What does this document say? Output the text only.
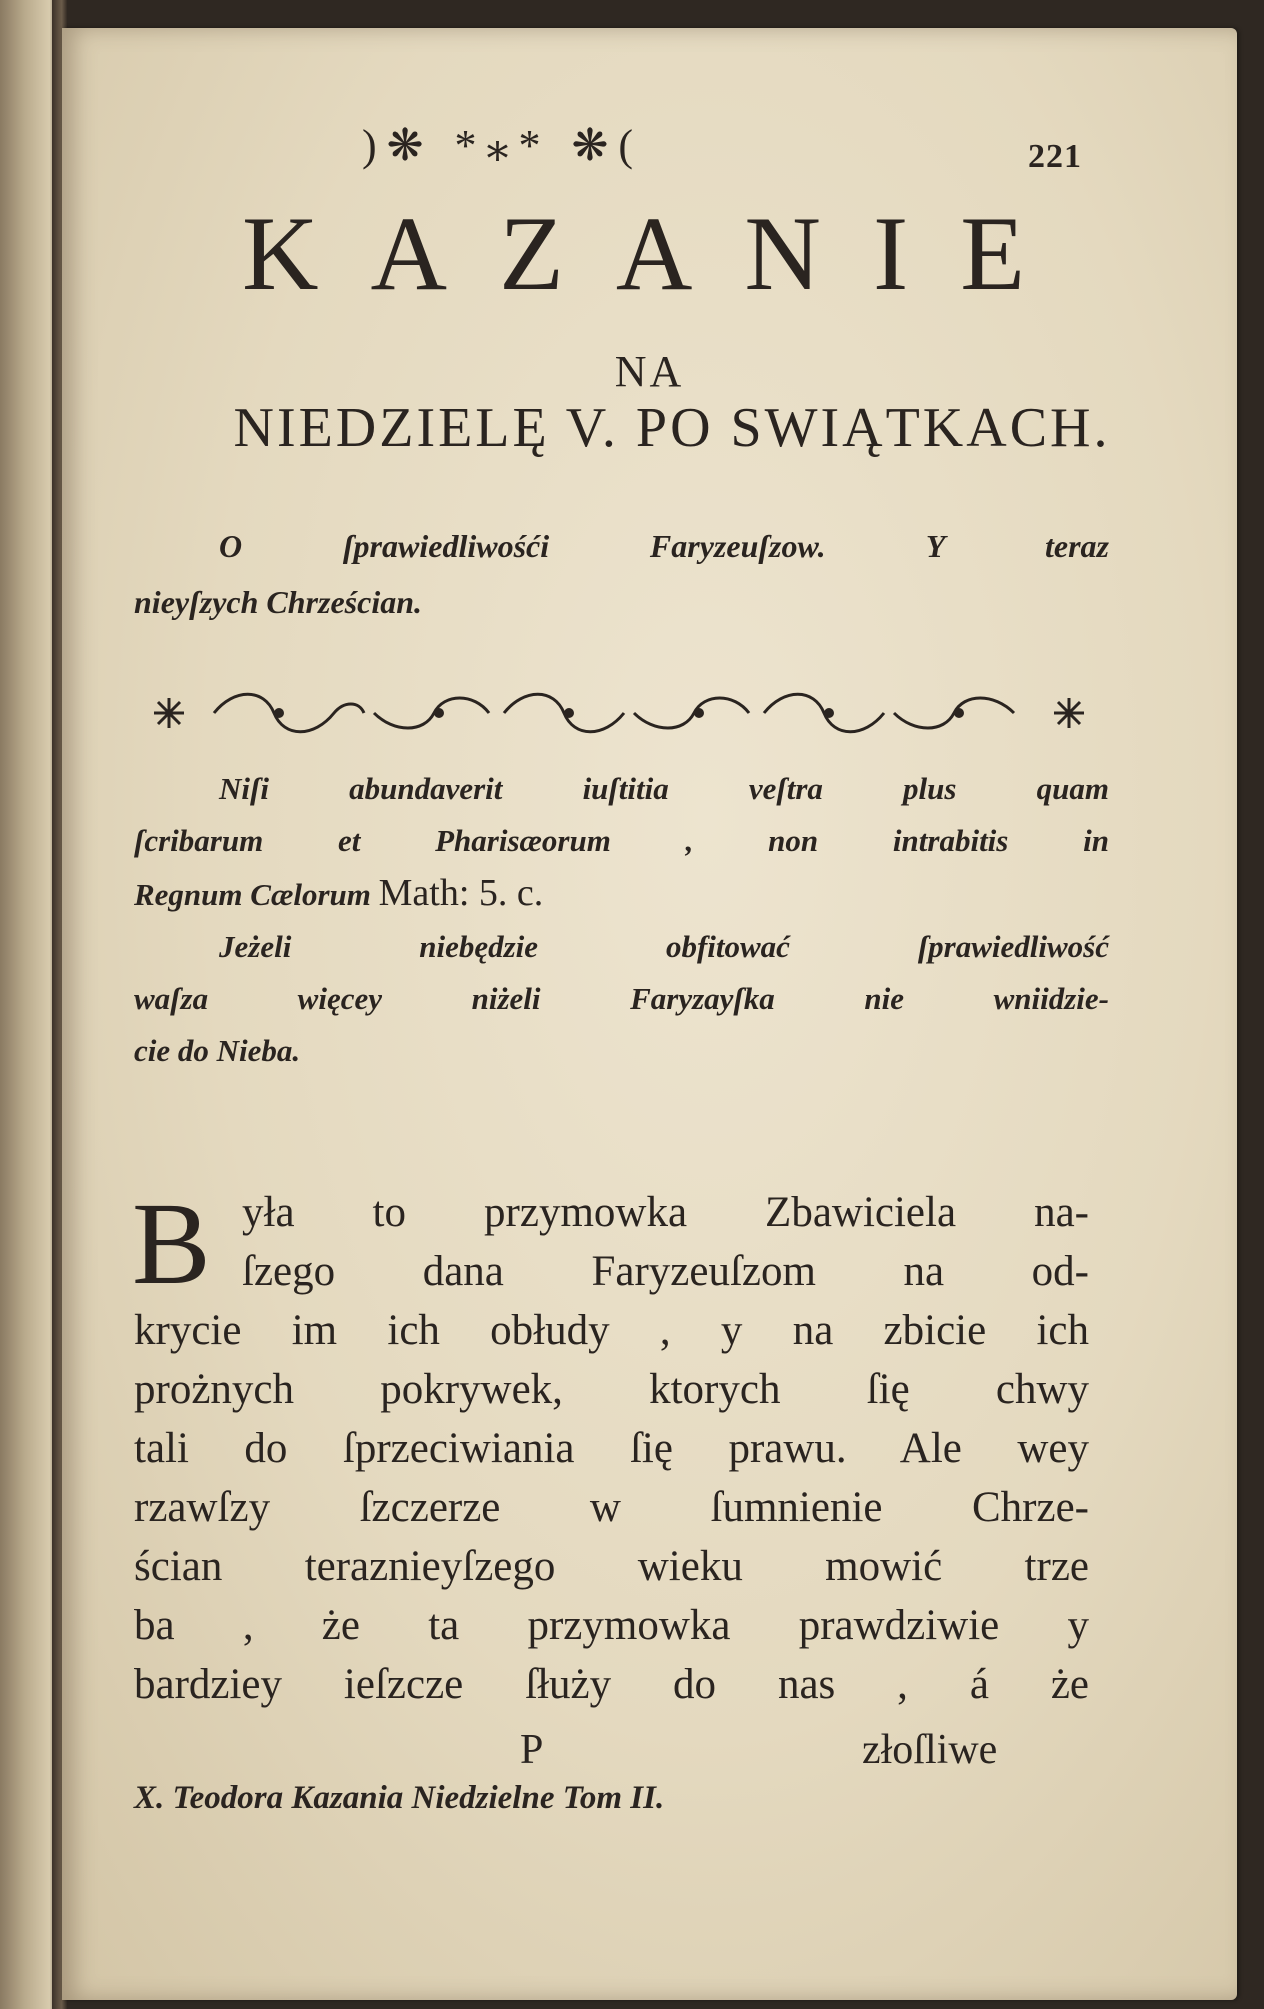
)❋ *⁎* ❋(	221
KAZANIE
NA
NIEDZIELĘ V. PO SWIĄTKACH.
O ſprawiedliwośći Faryzeuſzow. Y teraz
nieyſzych Chrześcian.
Niſi abundaverit iuſtitia veſtra plus quam
ſcribarum et Pharisæorum , non intrabitis in
Regnum Cælorum Math: 5. c.
Jeżeli niebędzie obfitować ſprawiedliwość
waſza więcey niżeli Faryzayſka nie wniidzie-
cie do Nieba.
B yła to przymowka Zbawiciela na-
ſzego dana Faryzeuſzom na od-
krycie im ich obłudy , y na zbicie ich
prożnych pokrywek, ktorych ſię chwy
tali do ſprzeciwiania ſię prawu. Ale wey
rzawſzy ſzczerze w ſumnienie Chrze-
ścian teraznieyſzego wieku mowić trze
ba , że ta przymowka prawdziwie y
bardziey ieſzcze ſłuży do nas , á że
P	złoſliwe
X. Teodora Kazania Niedzielne Tom II.
